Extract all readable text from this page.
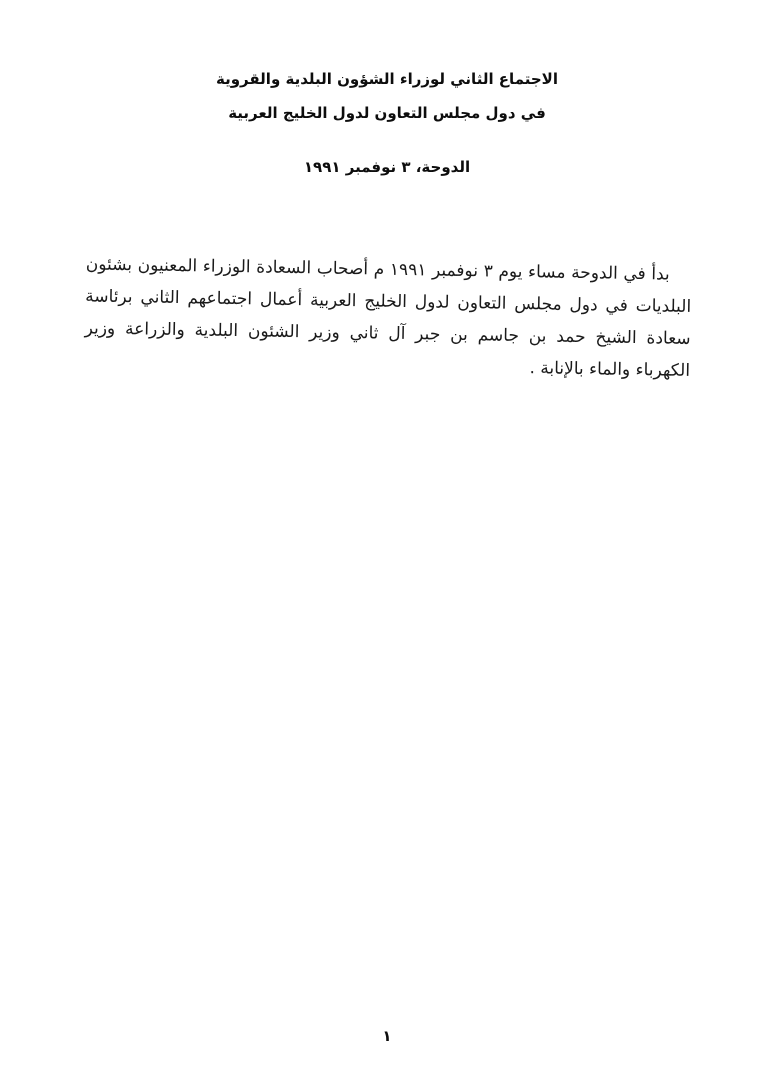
الاجتماع الثاني لوزراء الشؤون البلدية والقروية
في دول مجلس التعاون لدول الخليج العربية
الدوحة، ٣ نوفمبر ١٩٩١

بدأ في الدوحة مساء يوم ٣ نوفمبر ١٩٩١ م أصحاب السعادة الوزراء المعنيون بشئون البلديات في دول مجلس التعاون لدول الخليج العربية أعمال اجتماعهم الثاني برئاسة سعادة الشيخ حمد بن جاسم بن جبر آل ثاني وزير الشئون البلدية والزراعة وزير الكهرباء والماء بالإنابة .

١
